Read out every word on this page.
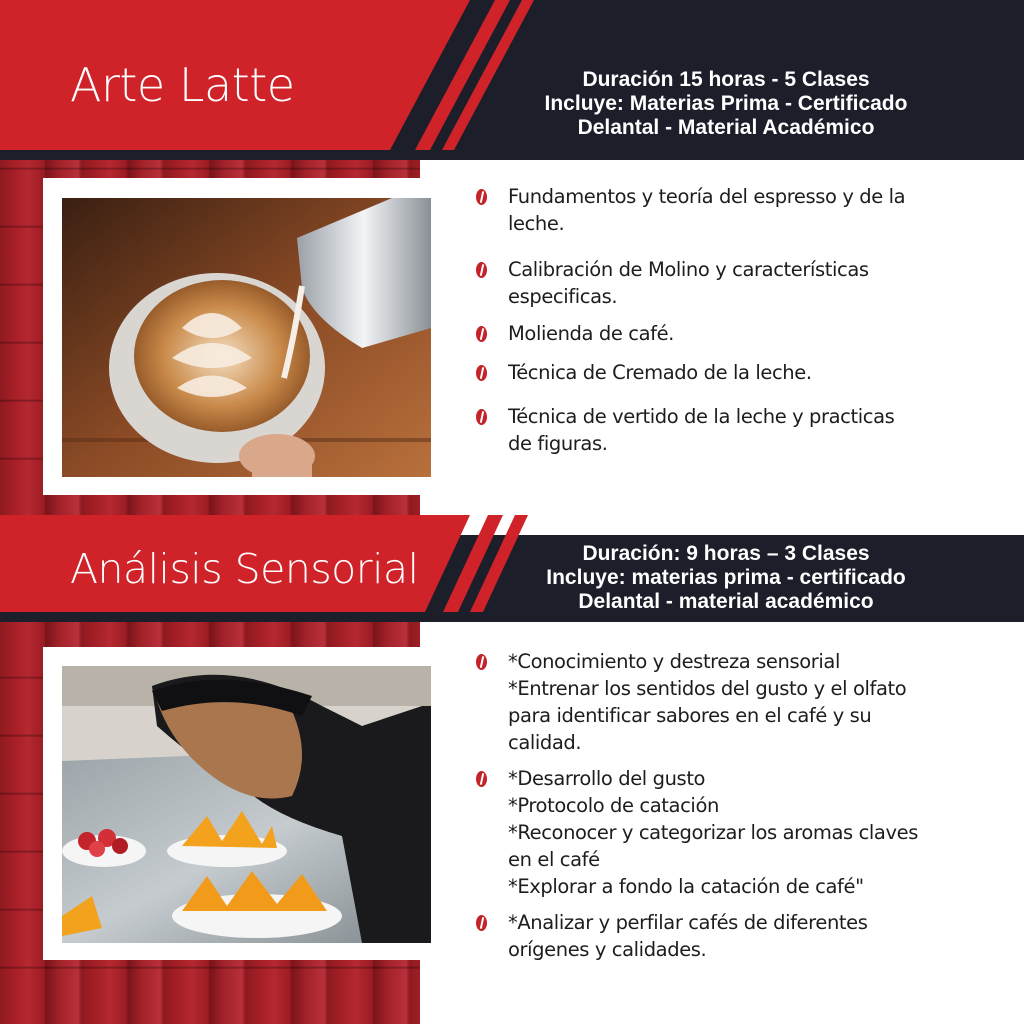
Arte Latte	Duración 15 horas - 5 Clases
Incluye: Materias Prima - Certificado
Delantal - Material Académico
Fundamentos y teoría del espresso y de la
leche.
Calibración de Molino y características
especificas.
Molienda de café.
Técnica de Cremado de la leche.
Técnica de vertido de la leche y practicas
de figuras.
Análisis Sensorial	Duración: 9 horas – 3 Clases
Incluye: materias prima - certificado
Delantal - material académico
*Conocimiento y destreza sensorial
*Entrenar los sentidos del gusto y el olfato
para identificar sabores en el café y su
calidad.
*Desarrollo del gusto
*Protocolo de catación
*Reconocer y categorizar los aromas claves
en el café
*Explorar a fondo la catación de café"
*Analizar y perfilar cafés de diferentes
orígenes y calidades.
